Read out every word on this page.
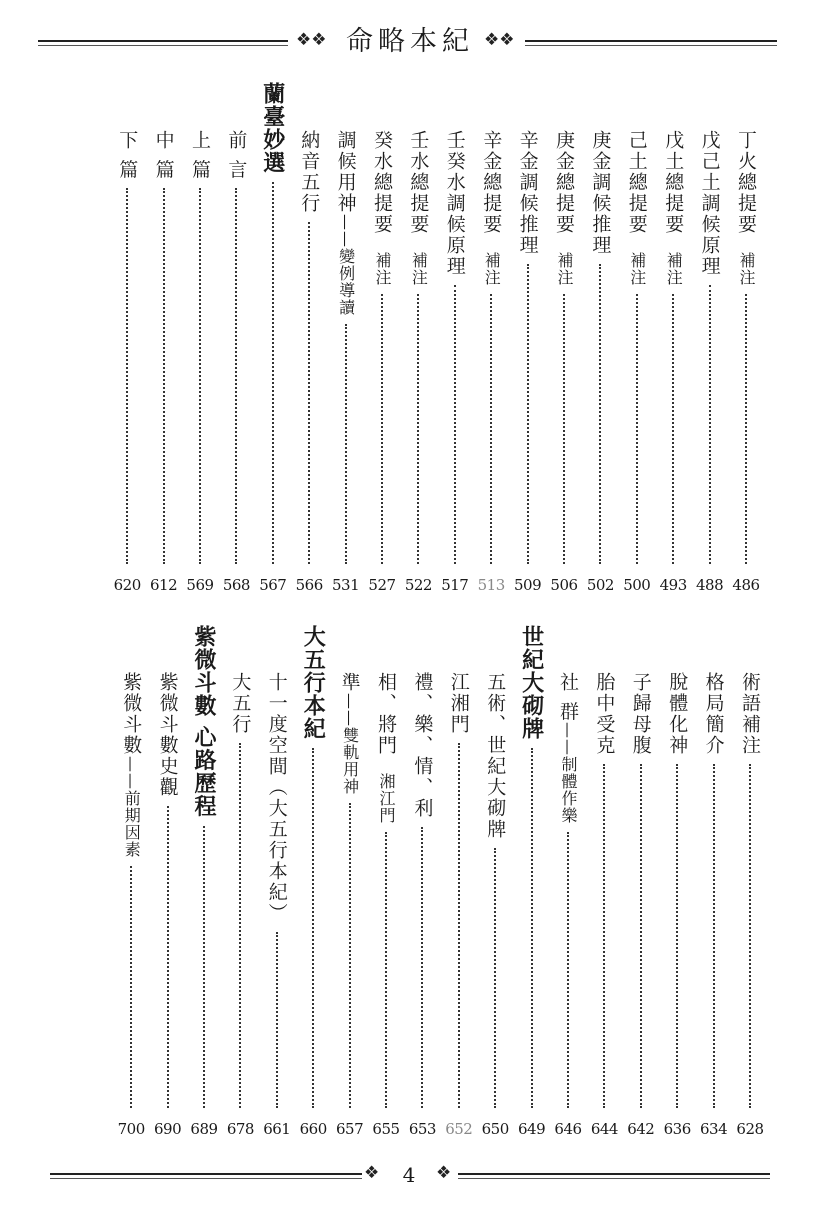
❖❖ 命略本紀 ❖❖
丁火總提要　補注
486
戊己土調候原理
488
戊土總提要　補注
493
己土總提要　補注
500
庚金調候推理
502
庚金總提要　補注
506
辛金調候推理
509
辛金總提要　補注
513
壬癸水調候原理
517
壬水總提要　補注
522
癸水總提要　補注
527
調候用神——變例導讀
531
納音五行
566
蘭臺妙選
567
前 言
568
上 篇
569
中 篇
612
下 篇
620
術語補注
628
格局簡介
634
脫體化神
636
子歸母腹
642
胎中受克
644
社 群——制體作樂
646
世紀大砌牌
649
五術、世紀大砌牌
650
江湘門
652
禮、樂、情、利
653
相、將門　湘江門
655
準——雙軌用神
657
大五行本紀
660
十一度空間（大五行本紀）
661
大五行
678
紫微斗數 心路歷程
689
紫微斗數史觀
690
紫微斗數——前期因素
700
❖	4	❖
